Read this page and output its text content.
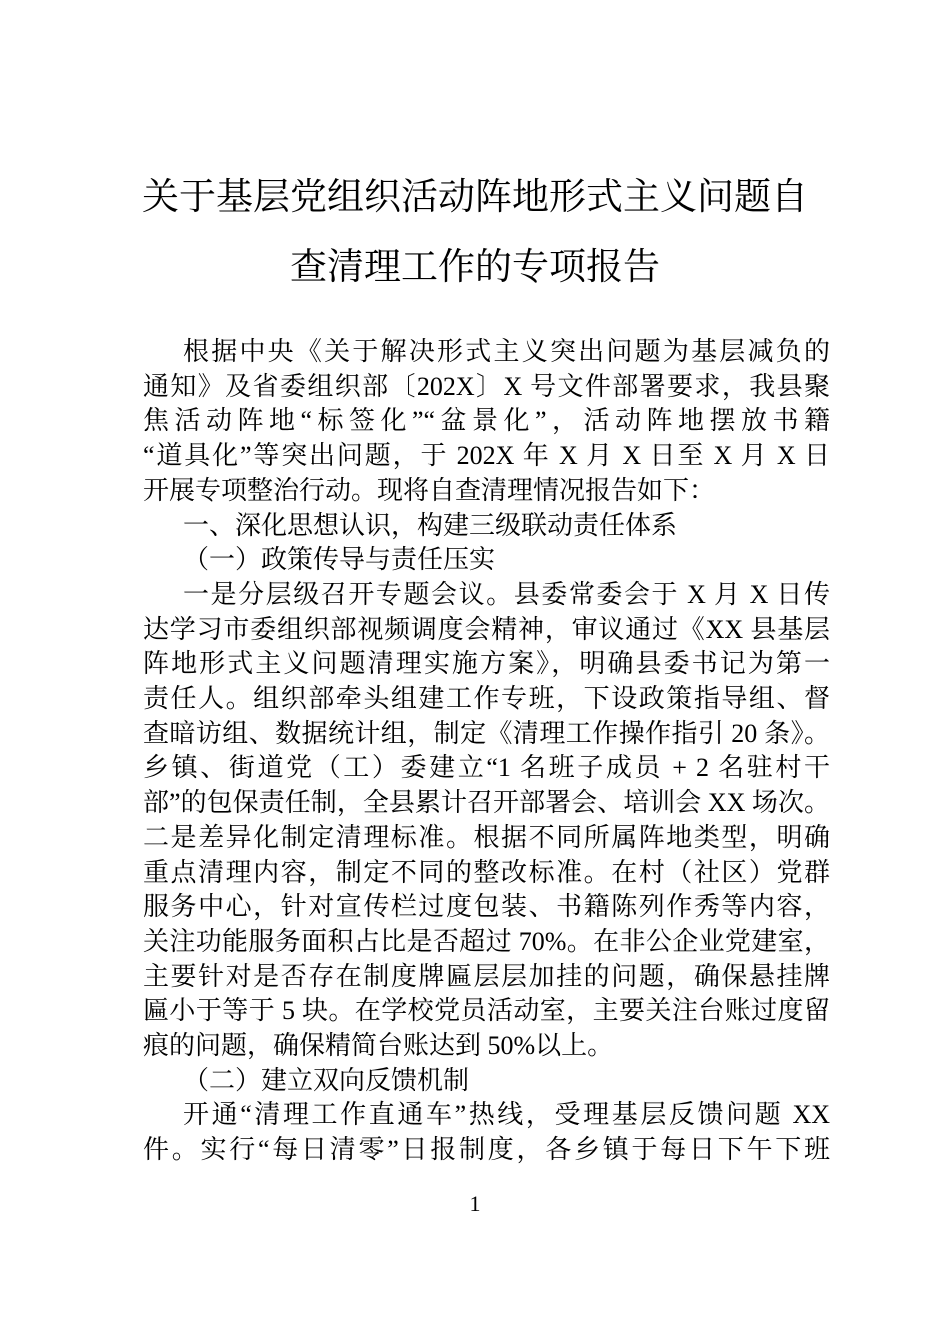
关于基层党组织活动阵地形式主义问题自
查清理工作的专项报告
根据中央《关于解决形式主义突出问题为基层减负的
通知》及省委组织部〔202X〕X 号文件部署要求，我县聚
焦活动阵地“标签化”“盆景化”，活动阵地摆放书籍
“道具化”等突出问题，于 202X 年 X 月 X 日至 X 月 X 日
开展专项整治行动。现将自查清理情况报告如下：
一、深化思想认识，构建三级联动责任体系
（一）政策传导与责任压实
一是分层级召开专题会议。县委常委会于 X 月 X 日传
达学习市委组织部视频调度会精神，审议通过《XX 县基层
阵地形式主义问题清理实施方案》，明确县委书记为第一
责任人。组织部牵头组建工作专班，下设政策指导组、督
查暗访组、数据统计组，制定《清理工作操作指引 20 条》。
乡镇、街道党（工）委建立“1 名班子成员 + 2 名驻村干
部”的包保责任制，全县累计召开部署会、培训会 XX 场次。
二是差异化制定清理标准。根据不同所属阵地类型，明确
重点清理内容，制定不同的整改标准。在村（社区）党群
服务中心，针对宣传栏过度包装、书籍陈列作秀等内容，
关注功能服务面积占比是否超过 70%。在非公企业党建室，
主要针对是否存在制度牌匾层层加挂的问题，确保悬挂牌
匾小于等于 5 块。在学校党员活动室，主要关注台账过度留
痕的问题，确保精简台账达到 50%以上。
（二）建立双向反馈机制
开通“清理工作直通车”热线，受理基层反馈问题 XX
件。实行“每日清零”日报制度，各乡镇于每日下午下班
1
